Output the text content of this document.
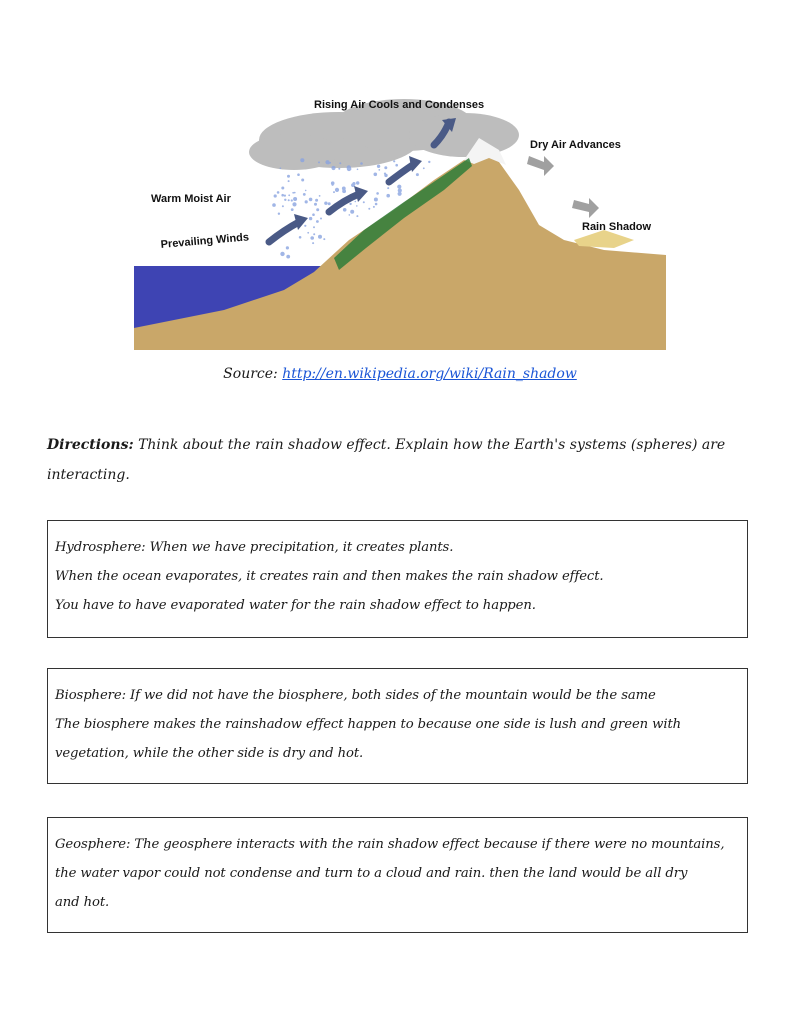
Rising Air Cools and Condenses
Dry Air Advances
Warm Moist Air
Prevailing Winds
Rain Shadow
Source: http://en.wikipedia.org/wiki/Rain_shadow
Directions: Think about the rain shadow effect. Explain how the Earth's systems (spheres) are interacting.

Hydrosphere: When we have precipitation, it creates plants.

When the ocean evaporates, it creates rain and then makes the rain shadow effect.

You have to have evaporated water for the rain shadow effect to happen.

Biosphere: If we did not have the biosphere, both sides of the mountain would be the same

The biosphere makes the rainshadow effect happen to because one side is lush and green with

vegetation, while the other side is dry and hot.

Geosphere: The geosphere interacts with the rain shadow effect because if there were no mountains,

the water vapor could not condense and turn to a cloud and rain. then the land would be all dry

and hot.
